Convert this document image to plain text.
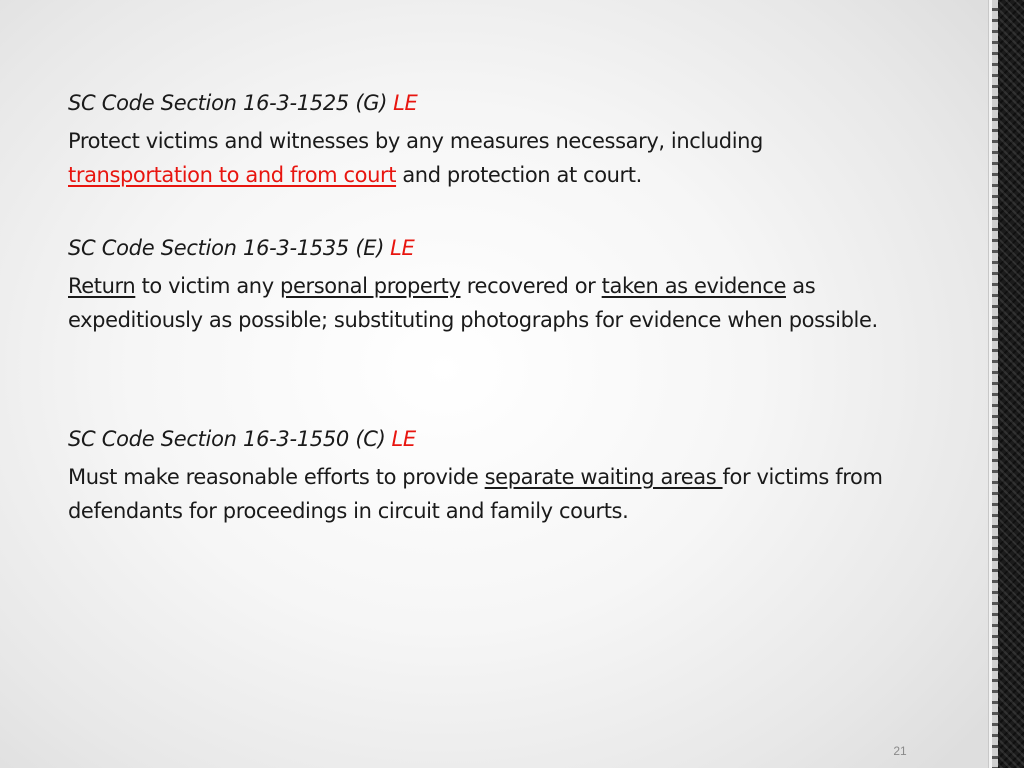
SC Code Section 16-3-1525 (G) LE

Protect victims and witnesses by any measures necessary, including
transportation to and from court and protection at court.

SC Code Section 16-3-1535 (E) LE

Return to victim any personal property recovered or taken as evidence as expeditiously as possible; substituting photographs for evidence when possible.

SC Code Section 16-3-1550 (C) LE

Must make reasonable efforts to provide separate waiting areas for victims from defendants for proceedings in circuit and family courts.

21
